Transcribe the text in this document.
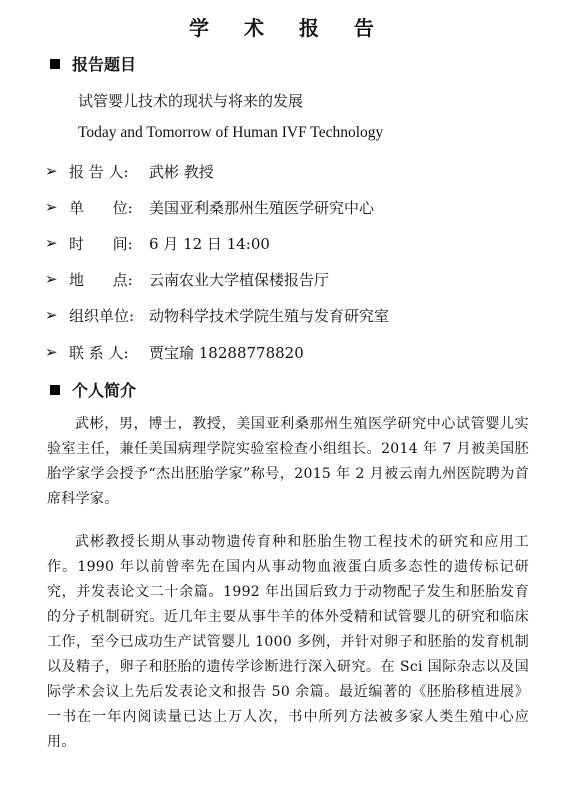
学 术 报 告
报告题目
试管婴儿技术的现状与将来的发展
Today and Tomorrow of Human IVF Technology
➢ 报 告 人:	武彬 教授
➢ 单      位:	美国亚利桑那州生殖医学研究中心
➢ 时      间:	6 月 12 日 14:00
➢ 地      点:	云南农业大学植保楼报告厅
➢ 组织单位: 动物科学技术学院生殖与发育研究室
➢ 联 系 人:	贾宝瑜 18288778820
个人简介

武彬，男，博士，教授，美国亚利桑那州生殖医学研究中心试管婴儿实验室主任，兼任美国病理学院实验室检查小组组长。2014 年 7 月被美国胚胎学家学会授予“杰出胚胎学家”称号，2015 年 2 月被云南九州医院聘为首席科学家。

武彬教授长期从事动物遗传育种和胚胎生物工程技术的研究和应用工作。1990 年以前曾率先在国内从事动物血液蛋白质多态性的遗传标记研究，并发表论文二十余篇。1992 年出国后致力于动物配子发生和胚胎发育的分子机制研究。近几年主要从事牛羊的体外受精和试管婴儿的研究和临床工作，至今已成功生产试管婴儿 1000 多例，并针对卵子和胚胎的发育机制以及精子，卵子和胚胎的遗传学诊断进行深入研究。在 Sci 国际杂志以及国际学术会议上先后发表论文和报告 50 余篇。最近编著的《胚胎移植进展》一书在一年内阅读量已达上万人次，书中所列方法被多家人类生殖中心应用。
